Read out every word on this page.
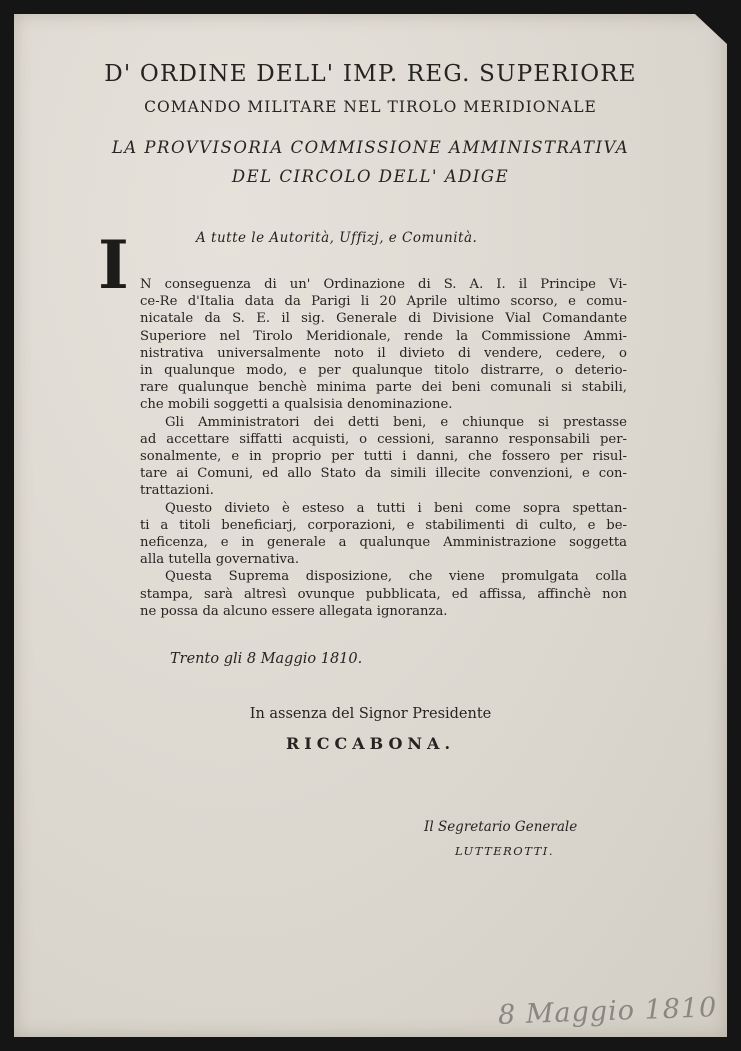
D' ORDINE DELL' IMP. REG. SUPERIORE
COMANDO MILITARE NEL TIROLO MERIDIONALE
LA PROVVISORIA COMMISSIONE AMMINISTRATIVA
DEL CIRCOLO DELL' ADIGE
A tutte le Autorità, Uffizj, e Comunità.
I N conseguenza di un' Ordinazione di S. A. I. il Principe Vi-
ce-Re d'Italia data da Parigi li 20 Aprile ultimo scorso, e comu-
nicatale da S. E. il sig. Generale di Divisione Vial Comandante
Superiore nel Tirolo Meridionale, rende la Commissione Ammi-
nistrativa universalmente noto il divieto di vendere, cedere, o
in qualunque modo, e per qualunque titolo distrarre, o deterio-
rare qualunque benchè minima parte dei beni comunali si stabili,
che mobili soggetti a qualsisia denominazione.
Gli Amministratori dei detti beni, e chiunque si prestasse
ad accettare siffatti acquisti, o cessioni, saranno responsabili per-
sonalmente, e in proprio per tutti i danni, che fossero per risul-
tare ai Comuni, ed allo Stato da simili illecite convenzioni, e con-
trattazioni.
Questo divieto è esteso a tutti i beni come sopra spettan-
ti a titoli beneficiarj, corporazioni, e stabilimenti di culto, e be-
neficenza, e in generale a qualunque Amministrazione soggetta
alla tutella governativa.
Questa Suprema disposizione, che viene promulgata colla
stampa, sarà altresì ovunque pubblicata, ed affissa, affinchè non
ne possa da alcuno essere allegata ignoranza.
Trento gli 8 Maggio 1810.
In assenza del Signor Presidente
RICCABONA.
Il Segretario Generale
LUTTEROTTI.
8 Maggio 1810
